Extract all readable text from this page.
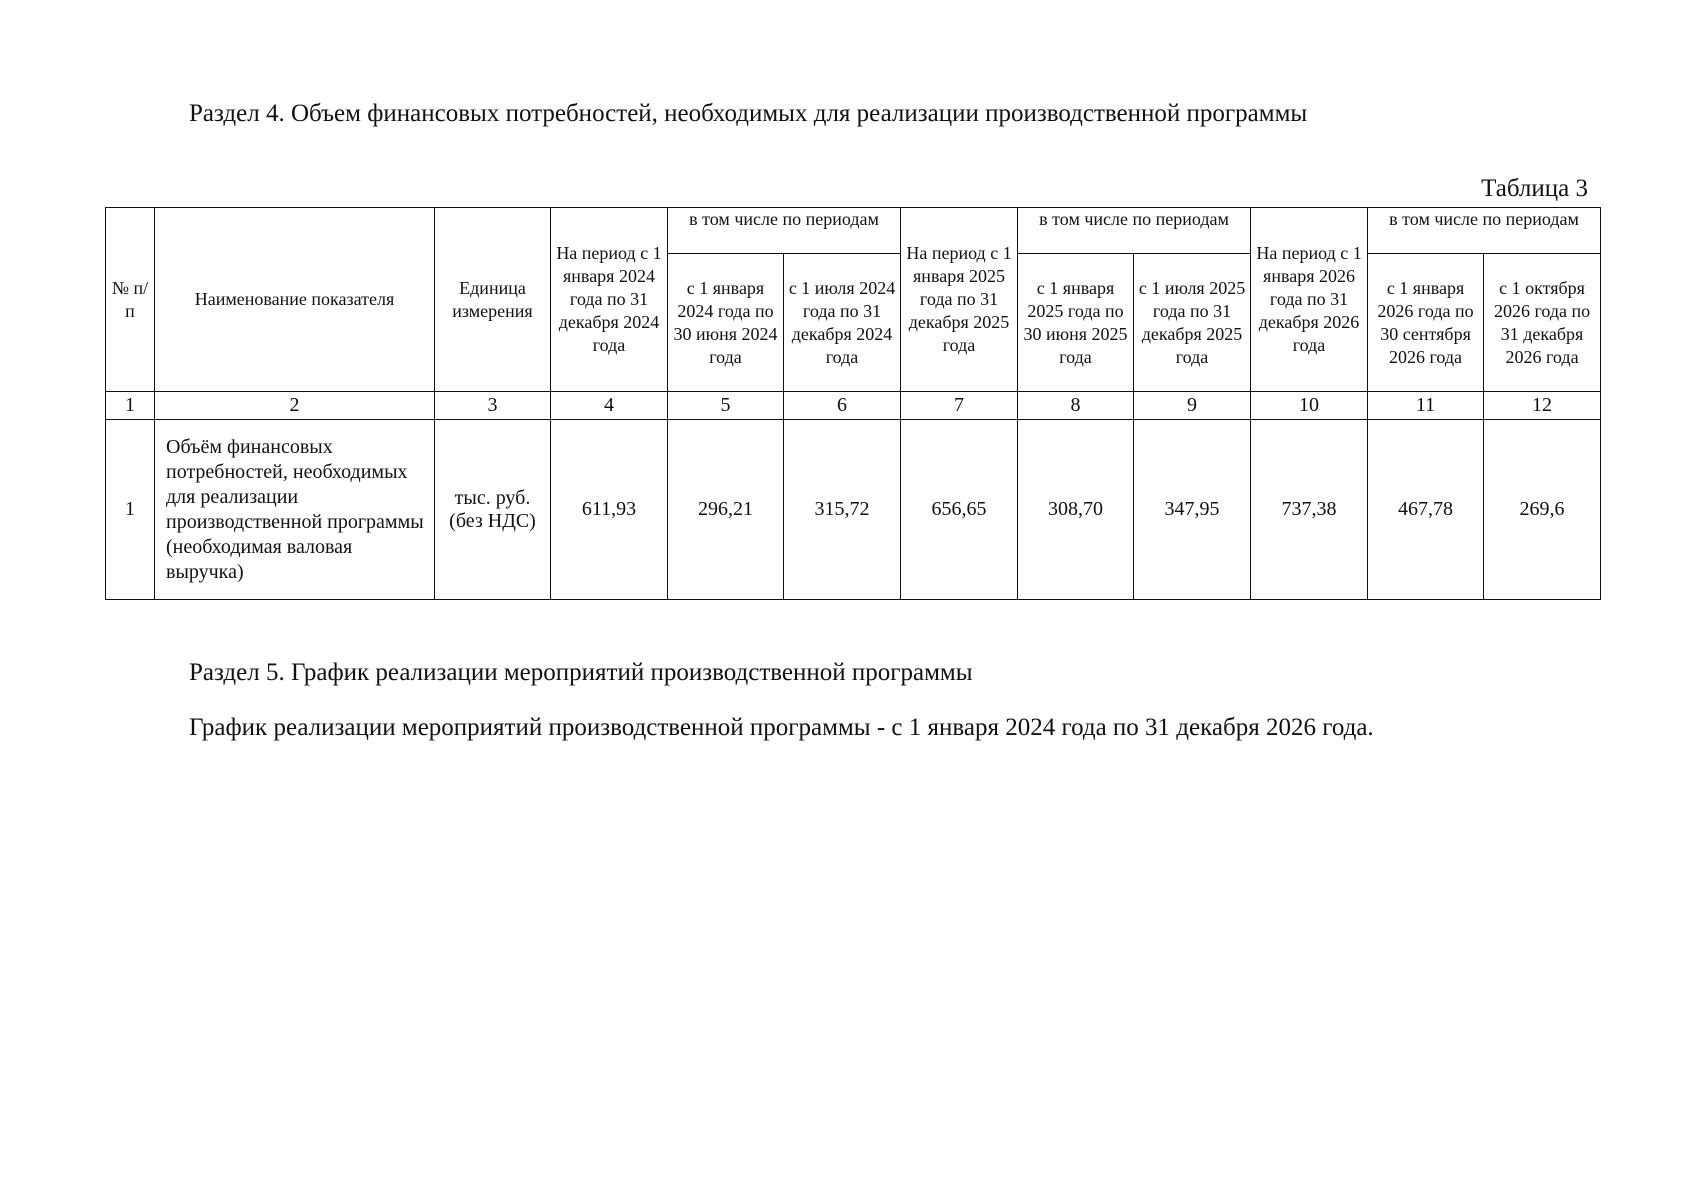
Раздел 4. Объем финансовых потребностей, необходимых для реализации производственной программы
Таблица 3
№ п/п	Наименование показателя	Единица измерения	На период с 1 января 2024 года по 31 декабря 2024 года	в том числе по периодам		На период с 1 января 2025 года по 31 декабря 2025 года	в том числе по периодам		На период с 1 января 2026 года по 31 декабря 2026 года	в том числе по периодам	
				с 1 января 2024 года по 30 июня 2024 года	с 1 июля 2024 года по 31 декабря 2024 года		с 1 января 2025 года по 30 июня 2025 года	с 1 июля 2025 года по 31 декабря 2025 года		с 1 января 2026 года по 30 сентября 2026 года	с 1 октября 2026 года по 31 декабря 2026 года
1	2	3	4	5	6	7	8	9	10	11	12
1	Объём финансовых потребностей, необходимых для реализации производственной программы (необходимая валовая выручка)	тыс. руб. (без НДС)	611,93	296,21	315,72	656,65	308,70	347,95	737,38	467,78	269,6
Раздел 5. График реализации мероприятий производственной программы
График реализации мероприятий производственной программы - с 1 января 2024 года по 31 декабря 2026 года.
